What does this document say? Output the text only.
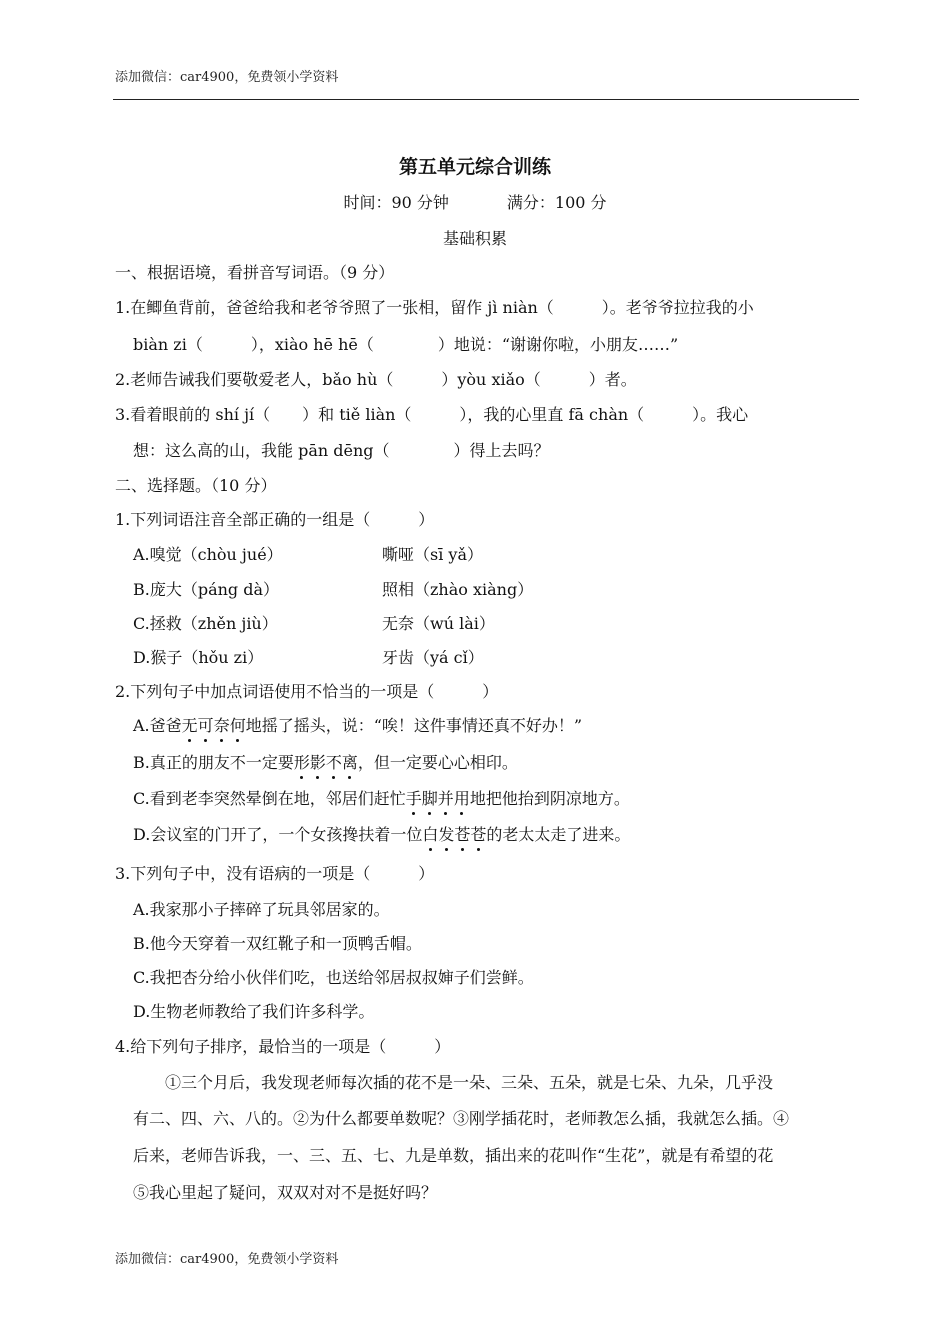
添加微信：car4900，免费领小学资料
第五单元综合训练
时间：90 分钟	满分：100 分
基础积累
一、根据语境，看拼音写词语。（9 分）
1.在鲫鱼背前，爸爸给我和老爷爷照了一张相，留作 jì niàn（　　　）。老爷爷拉拉我的小
biàn zi（　　　），xiào hē hē（　　　　）地说：“谢谢你啦，小朋友……”
2.老师告诫我们要敬爱老人，bǎo hù（　　　）yòu xiǎo（　　　）者。
3.看着眼前的 shí jí（　　）和 tiě liàn（　　　），我的心里直 fā chàn（　　　）。我心
想：这么高的山，我能 pān dēng（　　　　）得上去吗？
二、选择题。（10 分）
1.下列词语注音全部正确的一组是（　　　）
A.嗅觉（chòu jué）	嘶哑（sī yǎ）
B.庞大（páng dà）	照相（zhào xiàng）
C.拯救（zhěn jiù）	无奈（wú lài）
D.猴子（hǒu zi）	牙齿（yá cǐ）
2.下列句子中加点词语使用不恰当的一项是（　　　）
A.爸爸无可奈何地摇了摇头，说：“唉！这件事情还真不好办！”
B.真正的朋友不一定要形影不离，但一定要心心相印。
C.看到老李突然晕倒在地，邻居们赶忙手脚并用地把他抬到阴凉地方。
D.会议室的门开了，一个女孩搀扶着一位白发苍苍的老太太走了进来。
3.下列句子中，没有语病的一项是（　　　）
A.我家那小子摔碎了玩具邻居家的。
B.他今天穿着一双红靴子和一顶鸭舌帽。
C.我把杏分给小伙伴们吃，也送给邻居叔叔婶子们尝鲜。
D.生物老师教给了我们许多科学。
4.给下列句子排序，最恰当的一项是（　　　）
①三个月后，我发现老师每次插的花不是一朵、三朵、五朵，就是七朵、九朵，几乎没
有二、四、六、八的。②为什么都要单数呢？③刚学插花时，老师教怎么插，我就怎么插。④
后来，老师告诉我，一、三、五、七、九是单数，插出来的花叫作“生花”，就是有希望的花
⑤我心里起了疑问，双双对对不是挺好吗？
添加微信：car4900，免费领小学资料
